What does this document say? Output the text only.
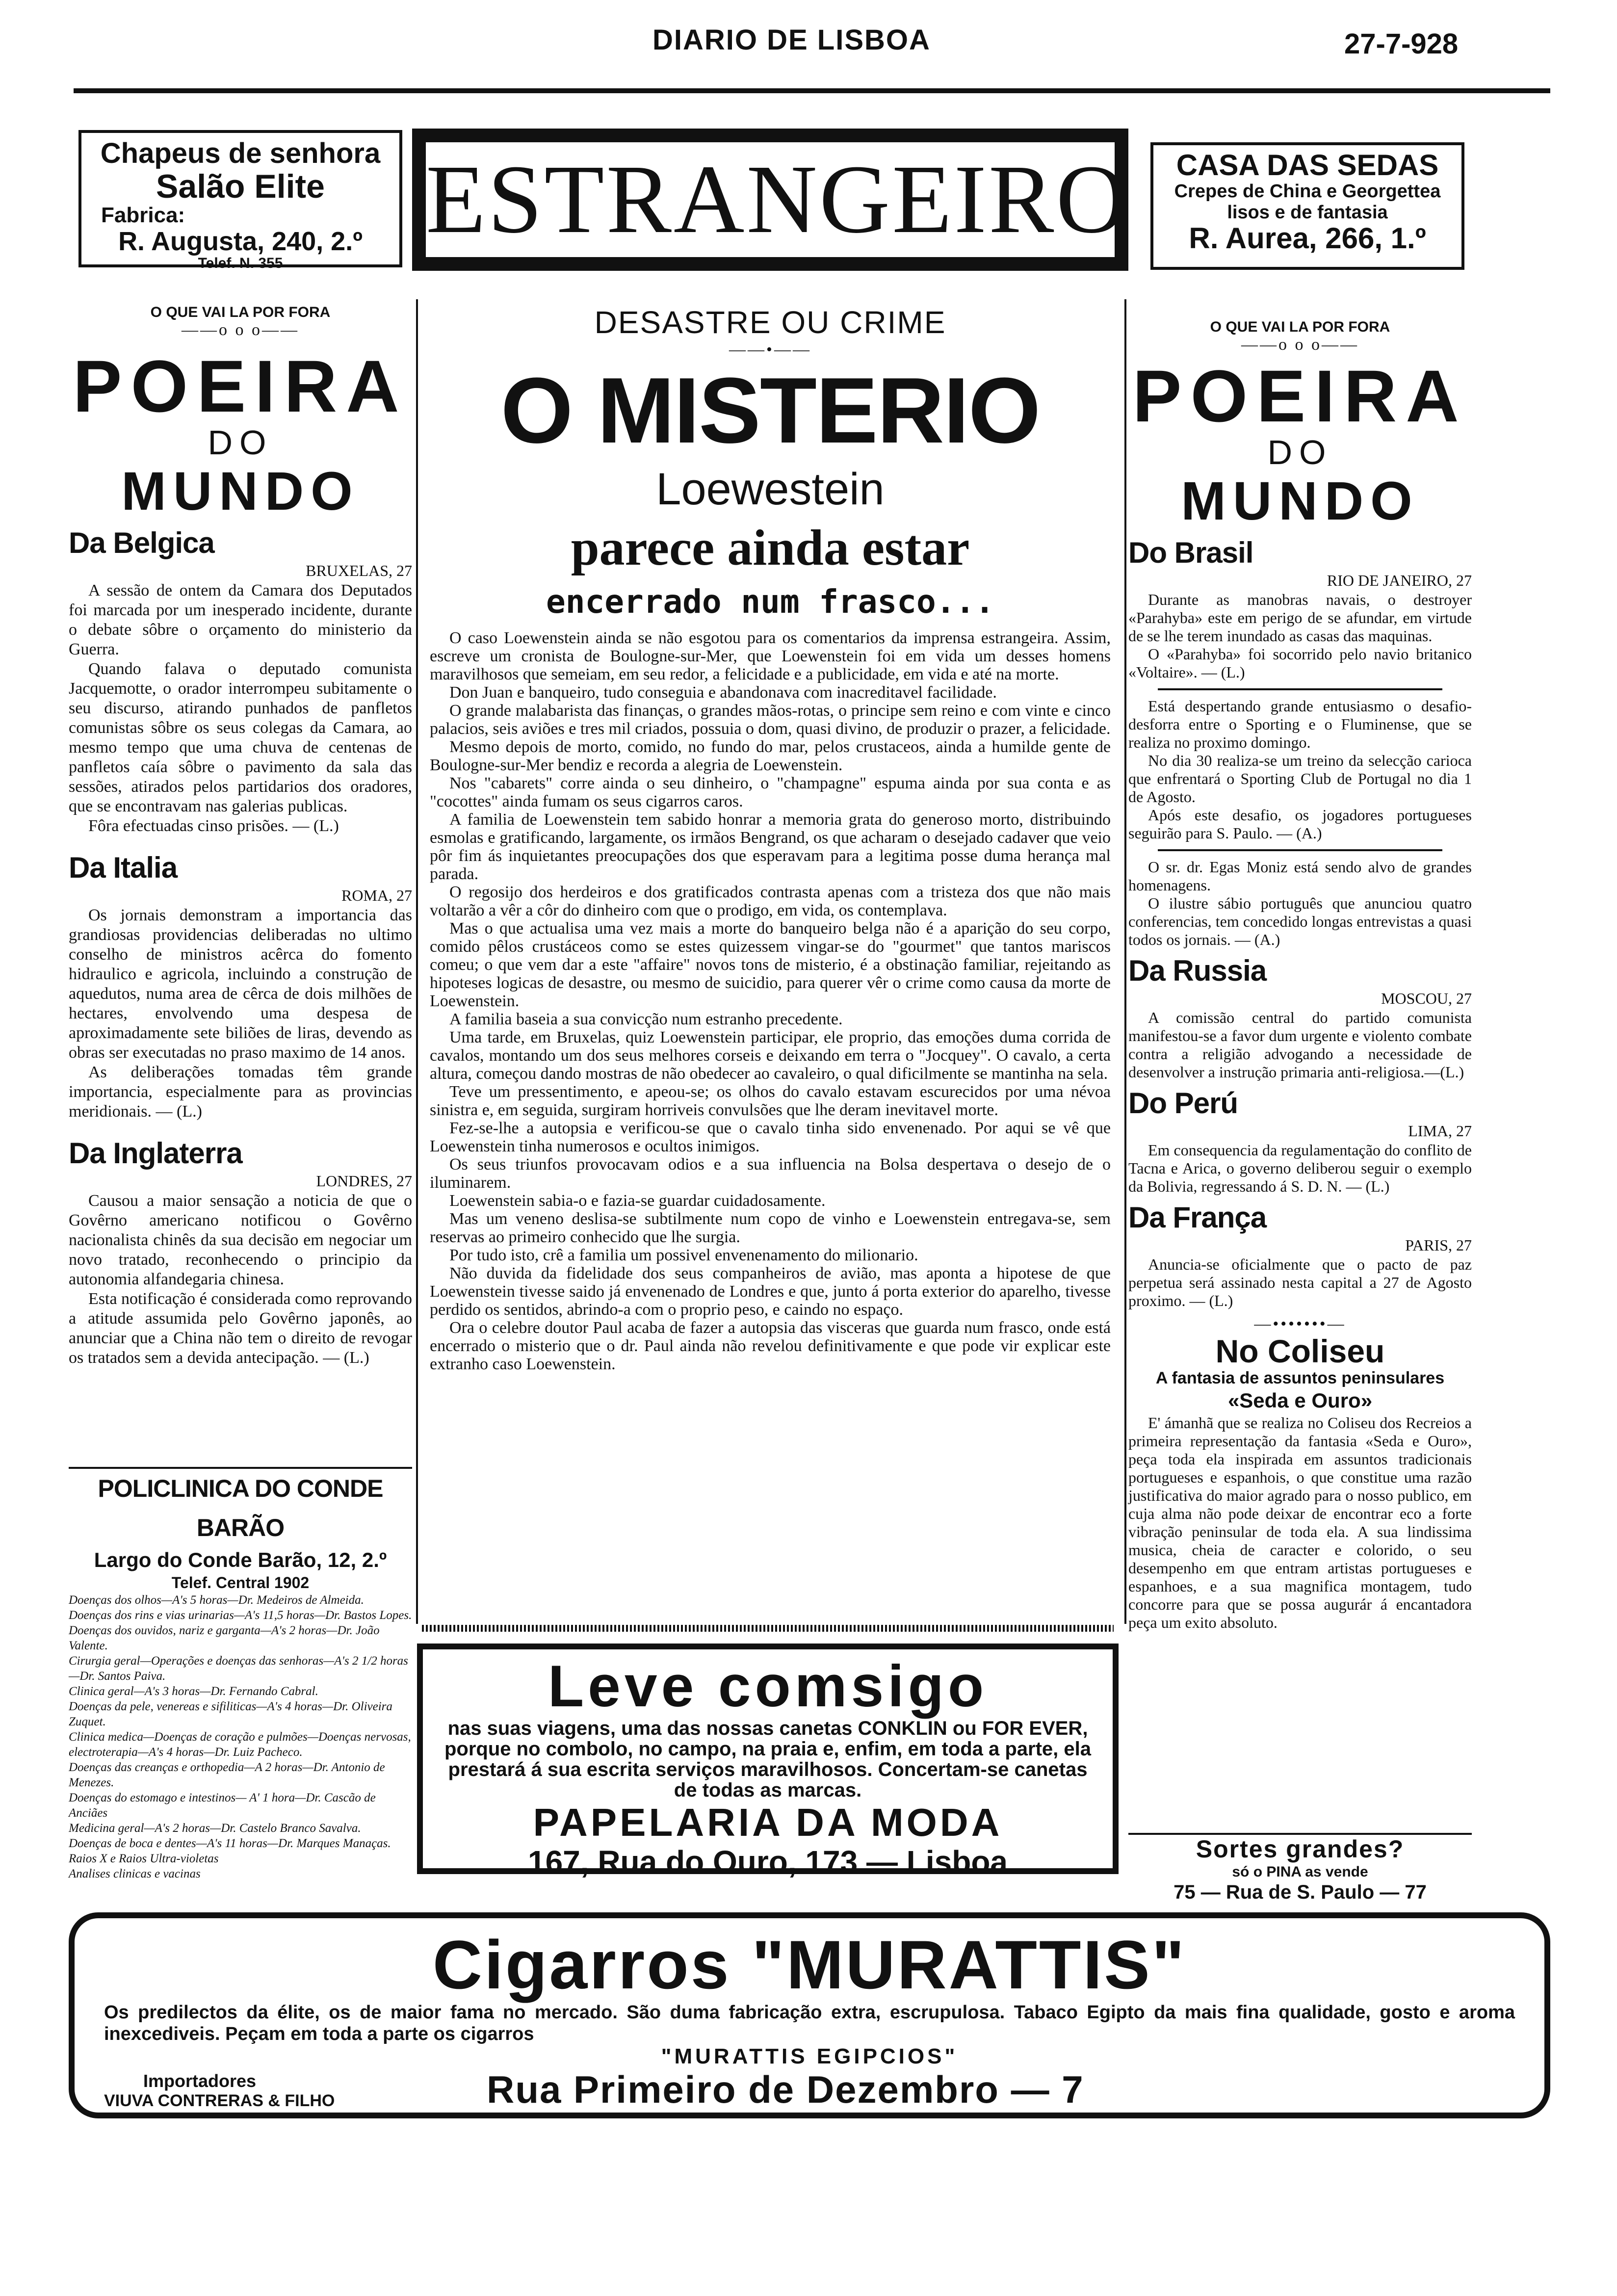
DIARIO DE LISBOA	27-7-928
Chapeus de senhora
Salão Elite
Fabrica:
R. Augusta, 240, 2.º
Telef. N. 355
ESTRANGEIRO	CASA DAS SEDAS
Crepes de China e Georgettea
lisos e de fantasia
R. Aurea, 266, 1.º
O QUE VAI LA POR FORA
——o o o——
POEIRA
DO
MUNDO
Da Belgica
BRUXELAS, 27

A sessão de ontem da Camara dos Deputados foi marcada por um inesperado incidente, durante o debate sôbre o orçamento do ministerio da Guerra.

Quando falava o deputado comunista Jacquemotte, o orador interrompeu subitamente o seu discurso, atirando punhados de panfletos comunistas sôbre os seus colegas da Camara, ao mesmo tempo que uma chuva de centenas de panfletos caía sôbre o pavimento da sala das sessões, atirados pelos partidarios dos oradores, que se encontravam nas galerias publicas.

Fôra efectuadas cinso prisões. — (L.)

Da Italia
ROMA, 27

Os jornais demonstram a importancia das grandiosas providencias deliberadas no ultimo conselho de ministros acêrca do fomento hidraulico e agricola, incluindo a construção de aquedutos, numa area de cêrca de dois milhões de hectares, envolvendo uma despesa de aproximadamente sete biliões de liras, devendo as obras ser executadas no praso maximo de 14 anos.

As deliberações tomadas têm grande importancia, especialmente para as provincias meridionais. — (L.)

Da Inglaterra
LONDRES, 27

Causou a maior sensação a noticia de que o Govêrno americano notificou o Govêrno nacionalista chinês da sua decisão em negociar um novo tratado, reconhecendo o principio da autonomia alfandegaria chinesa.

Esta notificação é considerada como reprovando a atitude assumida pelo Govêrno japonês, ao anunciar que a China não tem o direito de revogar os tratados sem a devida antecipação. — (L.)

POLICLINICA DO CONDE BARÃO
Largo do Conde Barão, 12, 2.º
Telef. Central 1902
Doenças dos olhos—A's 5 horas—Dr. Medeiros de Almeida.
Doenças dos rins e vias urinarias—A's 11,5 horas—Dr. Bastos Lopes.
Doenças dos ouvidos, nariz e garganta—A's 2 horas—Dr. João Valente.
Cirurgia geral—Operações e doenças das senhoras—A's 2 1/2 horas—Dr. Santos Paiva.
Clinica geral—A's 3 horas—Dr. Fernando Cabral.
Doenças da pele, venereas e sifiliticas—A's 4 horas—Dr. Oliveira Zuquet.
Clinica medica—Doenças de coração e pulmões—Doenças nervosas, electroterapia—A's 4 horas—Dr. Luiz Pacheco.
Doenças das creanças e orthopedia—A 2 horas—Dr. Antonio de Menezes.
Doenças do estomago e intestinos— A' 1 hora—Dr. Cascão de Anciães
Medicina geral—A's 2 horas—Dr. Castelo Branco Savalva.
Doenças de boca e dentes—A's 11 horas—Dr. Marques Manaças.
Raios X e Raios Ultra-violetas
Analises clinicas e vacinas
DESASTRE OU CRIME
——•——
O MISTERIO
Loewestein
parece ainda estar
encerrado num frasco...

O caso Loewenstein ainda se não esgotou para os comentarios da imprensa estrangeira. Assim, escreve um cronista de Boulogne-sur-Mer, que Loewenstein foi em vida um desses homens maravilhosos que semeiam, em seu redor, a felicidade e a publicidade, em vida e até na morte.

Don Juan e banqueiro, tudo conseguia e abandonava com inacreditavel facilidade.

O grande malabarista das finanças, o grandes mãos-rotas, o principe sem reino e com vinte e cinco palacios, seis aviões e tres mil criados, possuia o dom, quasi divino, de produzir o prazer, a felicidade.

Mesmo depois de morto, comido, no fundo do mar, pelos crustaceos, ainda a humilde gente de Boulogne-sur-Mer bendiz e recorda a alegria de Loewenstein.

Nos "cabarets" corre ainda o seu dinheiro, o "champagne" espuma ainda por sua conta e as "cocottes" ainda fumam os seus cigarros caros.

A familia de Loewenstein tem sabido honrar a memoria grata do generoso morto, distribuindo esmolas e gratificando, largamente, os irmãos Bengrand, os que acharam o desejado cadaver que veio pôr fim ás inquietantes preocupações dos que esperavam para a legitima posse duma herança mal parada.

O regosijo dos herdeiros e dos gratificados contrasta apenas com a tristeza dos que não mais voltarão a vêr a côr do dinheiro com que o prodigo, em vida, os contemplava.

Mas o que actualisa uma vez mais a morte do banqueiro belga não é a aparição do seu corpo, comido pêlos crustáceos como se estes quizessem vingar-se do "gourmet" que tantos mariscos comeu; o que vem dar a este "affaire" novos tons de misterio, é a obstinação familiar, rejeitando as hipoteses logicas de desastre, ou mesmo de suicidio, para querer vêr o crime como causa da morte de Loewenstein.

A familia baseia a sua convicção num estranho precedente.

Uma tarde, em Bruxelas, quiz Loewenstein participar, ele proprio, das emoções duma corrida de cavalos, montando um dos seus melhores corseis e deixando em terra o "Jocquey". O cavalo, a certa altura, começou dando mostras de não obedecer ao cavaleiro, o qual dificilmente se mantinha na sela.

Teve um pressentimento, e apeou-se; os olhos do cavalo estavam escurecidos por uma névoa sinistra e, em seguida, surgiram horriveis convulsões que lhe deram inevitavel morte.

Fez-se-lhe a autopsia e verificou-se que o cavalo tinha sido envenenado. Por aqui se vê que Loewenstein tinha numerosos e ocultos inimigos.

Os seus triunfos provocavam odios e a sua influencia na Bolsa despertava o desejo de o iluminarem.

Loewenstein sabia-o e fazia-se guardar cuidadosamente.

Mas um veneno deslisa-se subtilmente num copo de vinho e Loewenstein entregava-se, sem reservas ao primeiro conhecido que lhe surgia.

Por tudo isto, crê a familia um possivel envenenamento do milionario.

Não duvida da fidelidade dos seus companheiros de avião, mas aponta a hipotese de que Loewenstein tivesse saido já envenenado de Londres e que, junto á porta exterior do aparelho, tivesse perdido os sentidos, abrindo-a com o proprio peso, e caindo no espaço.

Ora o celebre doutor Paul acaba de fazer a autopsia das visceras que guarda num frasco, onde está encerrado o misterio que o dr. Paul ainda não revelou definitivamente e que pode vir explicar este extranho caso Loewenstein.

Leve comsigo
nas suas viagens, uma das nossas canetas CONKLIN ou FOR EVER, porque no combolo, no campo, na praia e, enfim, em toda a parte, ela prestará á sua escrita serviços maravilhosos. Concertam-se canetas de todas as marcas.
PAPELARIA DA MODA
167, Rua do Ouro, 173 — Lisboa
O QUE VAI LA POR FORA
——o o o——
POEIRA
DO
MUNDO
Do Brasil
RIO DE JANEIRO, 27

Durante as manobras navais, o destroyer «Parahyba» este em perigo de se afundar, em virtude de se lhe terem inundado as casas das maquinas.

O «Parahyba» foi socorrido pelo navio britanico «Voltaire». — (L.)

Está despertando grande entusiasmo o desafio-desforra entre o Sporting e o Fluminense, que se realiza no proximo domingo.

No dia 30 realiza-se um treino da selecção carioca que enfrentará o Sporting Club de Portugal no dia 1 de Agosto.

Após este desafio, os jogadores portugueses seguirão para S. Paulo. — (A.)

O sr. dr. Egas Moniz está sendo alvo de grandes homenagens.

O ilustre sábio português que anunciou quatro conferencias, tem concedido longas entrevistas a quasi todos os jornais. — (A.)

Da Russia
MOSCOU, 27

A comissão central do partido comunista manifestou-se a favor dum urgente e violento combate contra a religião advogando a necessidade de desenvolver a instrução primaria anti-religiosa.—(L.)

Do Perú
LIMA, 27

Em consequencia da regulamentação do conflito de Tacna e Arica, o governo deliberou seguir o exemplo da Bolivia, regressando á S. D. N. — (L.)

Da França
PARIS, 27

Anuncia-se oficialmente que o pacto de paz perpetua será assinado nesta capital a 27 de Agosto proximo. — (L.)

—•••••••—
No Coliseu
A fantasia de assuntos peninsulares
«Seda e Ouro»

E' ámanhã que se realiza no Coliseu dos Recreios a primeira representação da fantasia «Seda e Ouro», peça toda ela inspirada em assuntos tradicionais portugueses e espanhois, o que constitue uma razão justificativa do maior agrado para o nosso publico, em cuja alma não pode deixar de encontrar eco a forte vibração peninsular de toda ela. A sua lindissima musica, cheia de caracter e colorido, o seu desempenho em que entram artistas portugueses e espanhoes, e a sua magnifica montagem, tudo concorre para que se possa augurár á encantadora peça um exito absoluto.

Sortes grandes?
só o PINA as vende
75 — Rua de S. Paulo — 77
Cigarros "MURATTIS"
Os predilectos da élite, os de maior fama no mercado. São duma fabricação extra, escrupulosa. Tabaco Egipto da mais fina qualidade, gosto e aroma inexcediveis. Peçam em toda a parte os cigarros
"MURATTIS EGIPCIOS"
Importadores
VIUVA CONTRERAS & FILHO	Rua Primeiro de Dezembro — 7
